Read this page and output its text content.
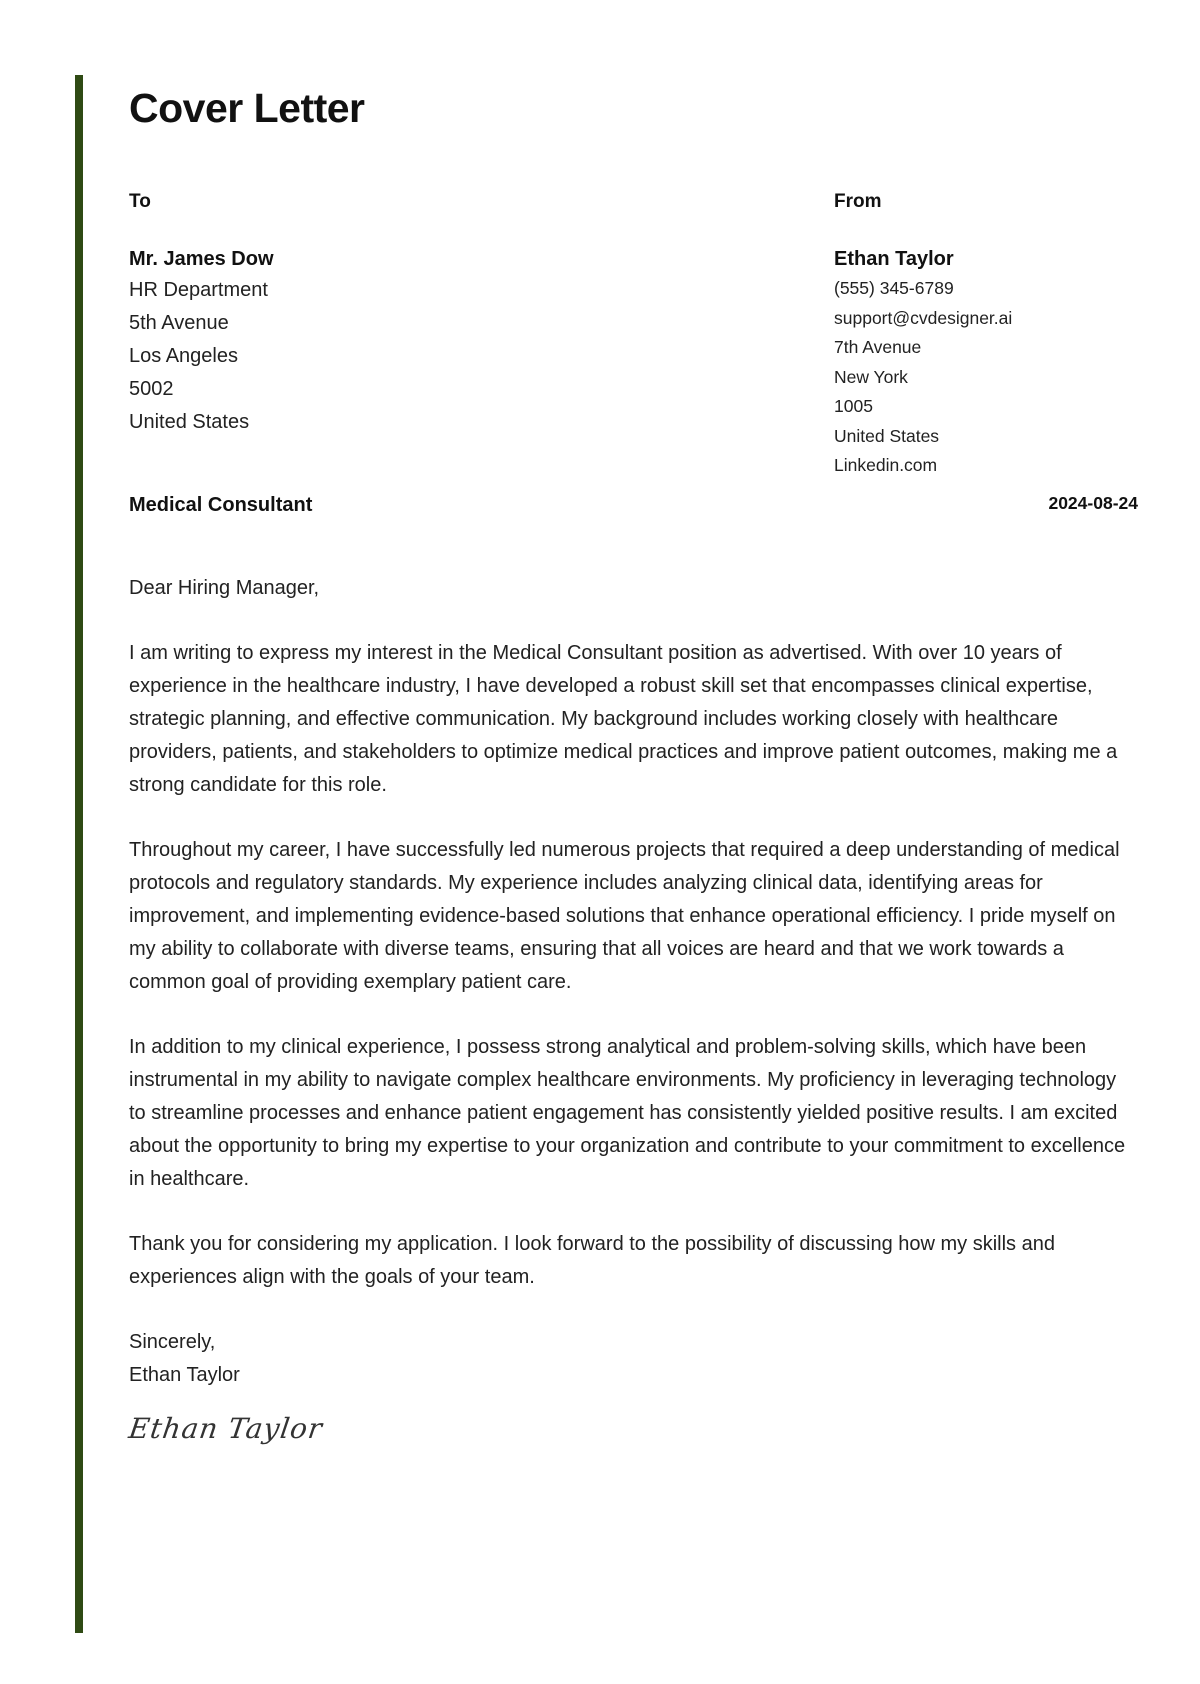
Cover Letter

To

Mr. James Dow

HR Department

5th Avenue

Los Angeles

5002

United States

From

Ethan Taylor

(555) 345-6789

support@cvdesigner.ai

7th Avenue

New York

1005

United States

Linkedin.com

Medical Consultant	2024-08-24

Dear Hiring Manager,

I am writing to express my interest in the Medical Consultant position as advertised. With over 10 years of experience in the healthcare industry, I have developed a robust skill set that encompasses clinical expertise, strategic planning, and effective communication. My background includes working closely with healthcare providers, patients, and stakeholders to optimize medical practices and improve patient outcomes, making me a strong candidate for this role.

Throughout my career, I have successfully led numerous projects that required a deep understanding of medical protocols and regulatory standards. My experience includes analyzing clinical data, identifying areas for improvement, and implementing evidence-based solutions that enhance operational efficiency. I pride myself on my ability to collaborate with diverse teams, ensuring that all voices are heard and that we work towards a common goal of providing exemplary patient care.

In addition to my clinical experience, I possess strong analytical and problem-solving skills, which have been instrumental in my ability to navigate complex healthcare environments. My proficiency in leveraging technology to streamline processes and enhance patient engagement has consistently yielded positive results. I am excited about the opportunity to bring my expertise to your organization and contribute to your commitment to excellence in healthcare.

Thank you for considering my application. I look forward to the possibility of discussing how my skills and experiences align with the goals of your team.

Sincerely,

Ethan Taylor

Ethan Taylor
